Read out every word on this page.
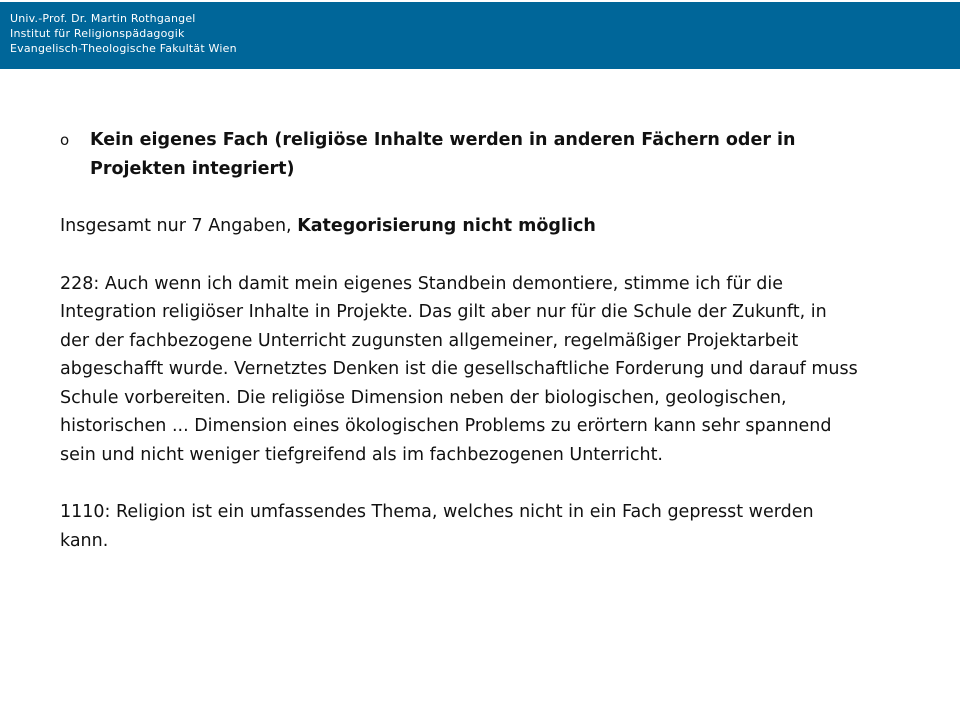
Univ.-Prof. Dr. Martin Rothgangel
Institut für Religionspädagogik
Evangelisch-Theologische Fakultät Wien
o Kein eigenes Fach (religiöse Inhalte werden in anderen Fächern oder in Projekten integriert)

Insgesamt nur 7 Angaben, Kategorisierung nicht möglich

228: Auch wenn ich damit mein eigenes Standbein demontiere, stimme ich für die Integration religiöser Inhalte in Projekte. Das gilt aber nur für die Schule der Zukunft, in der der fachbezogene Unterricht zugunsten allgemeiner, regelmäßiger Projektarbeit abgeschafft wurde. Vernetztes Denken ist die gesellschaftliche Forderung und darauf muss Schule vorbereiten. Die religiöse Dimension neben der biologischen, geologischen, historischen ... Dimension eines ökologischen Problems zu erörtern kann sehr spannend sein und nicht weniger tiefgreifend als im fachbezogenen Unterricht.

1110: Religion ist ein umfassendes Thema, welches nicht in ein Fach gepresst werden kann.
